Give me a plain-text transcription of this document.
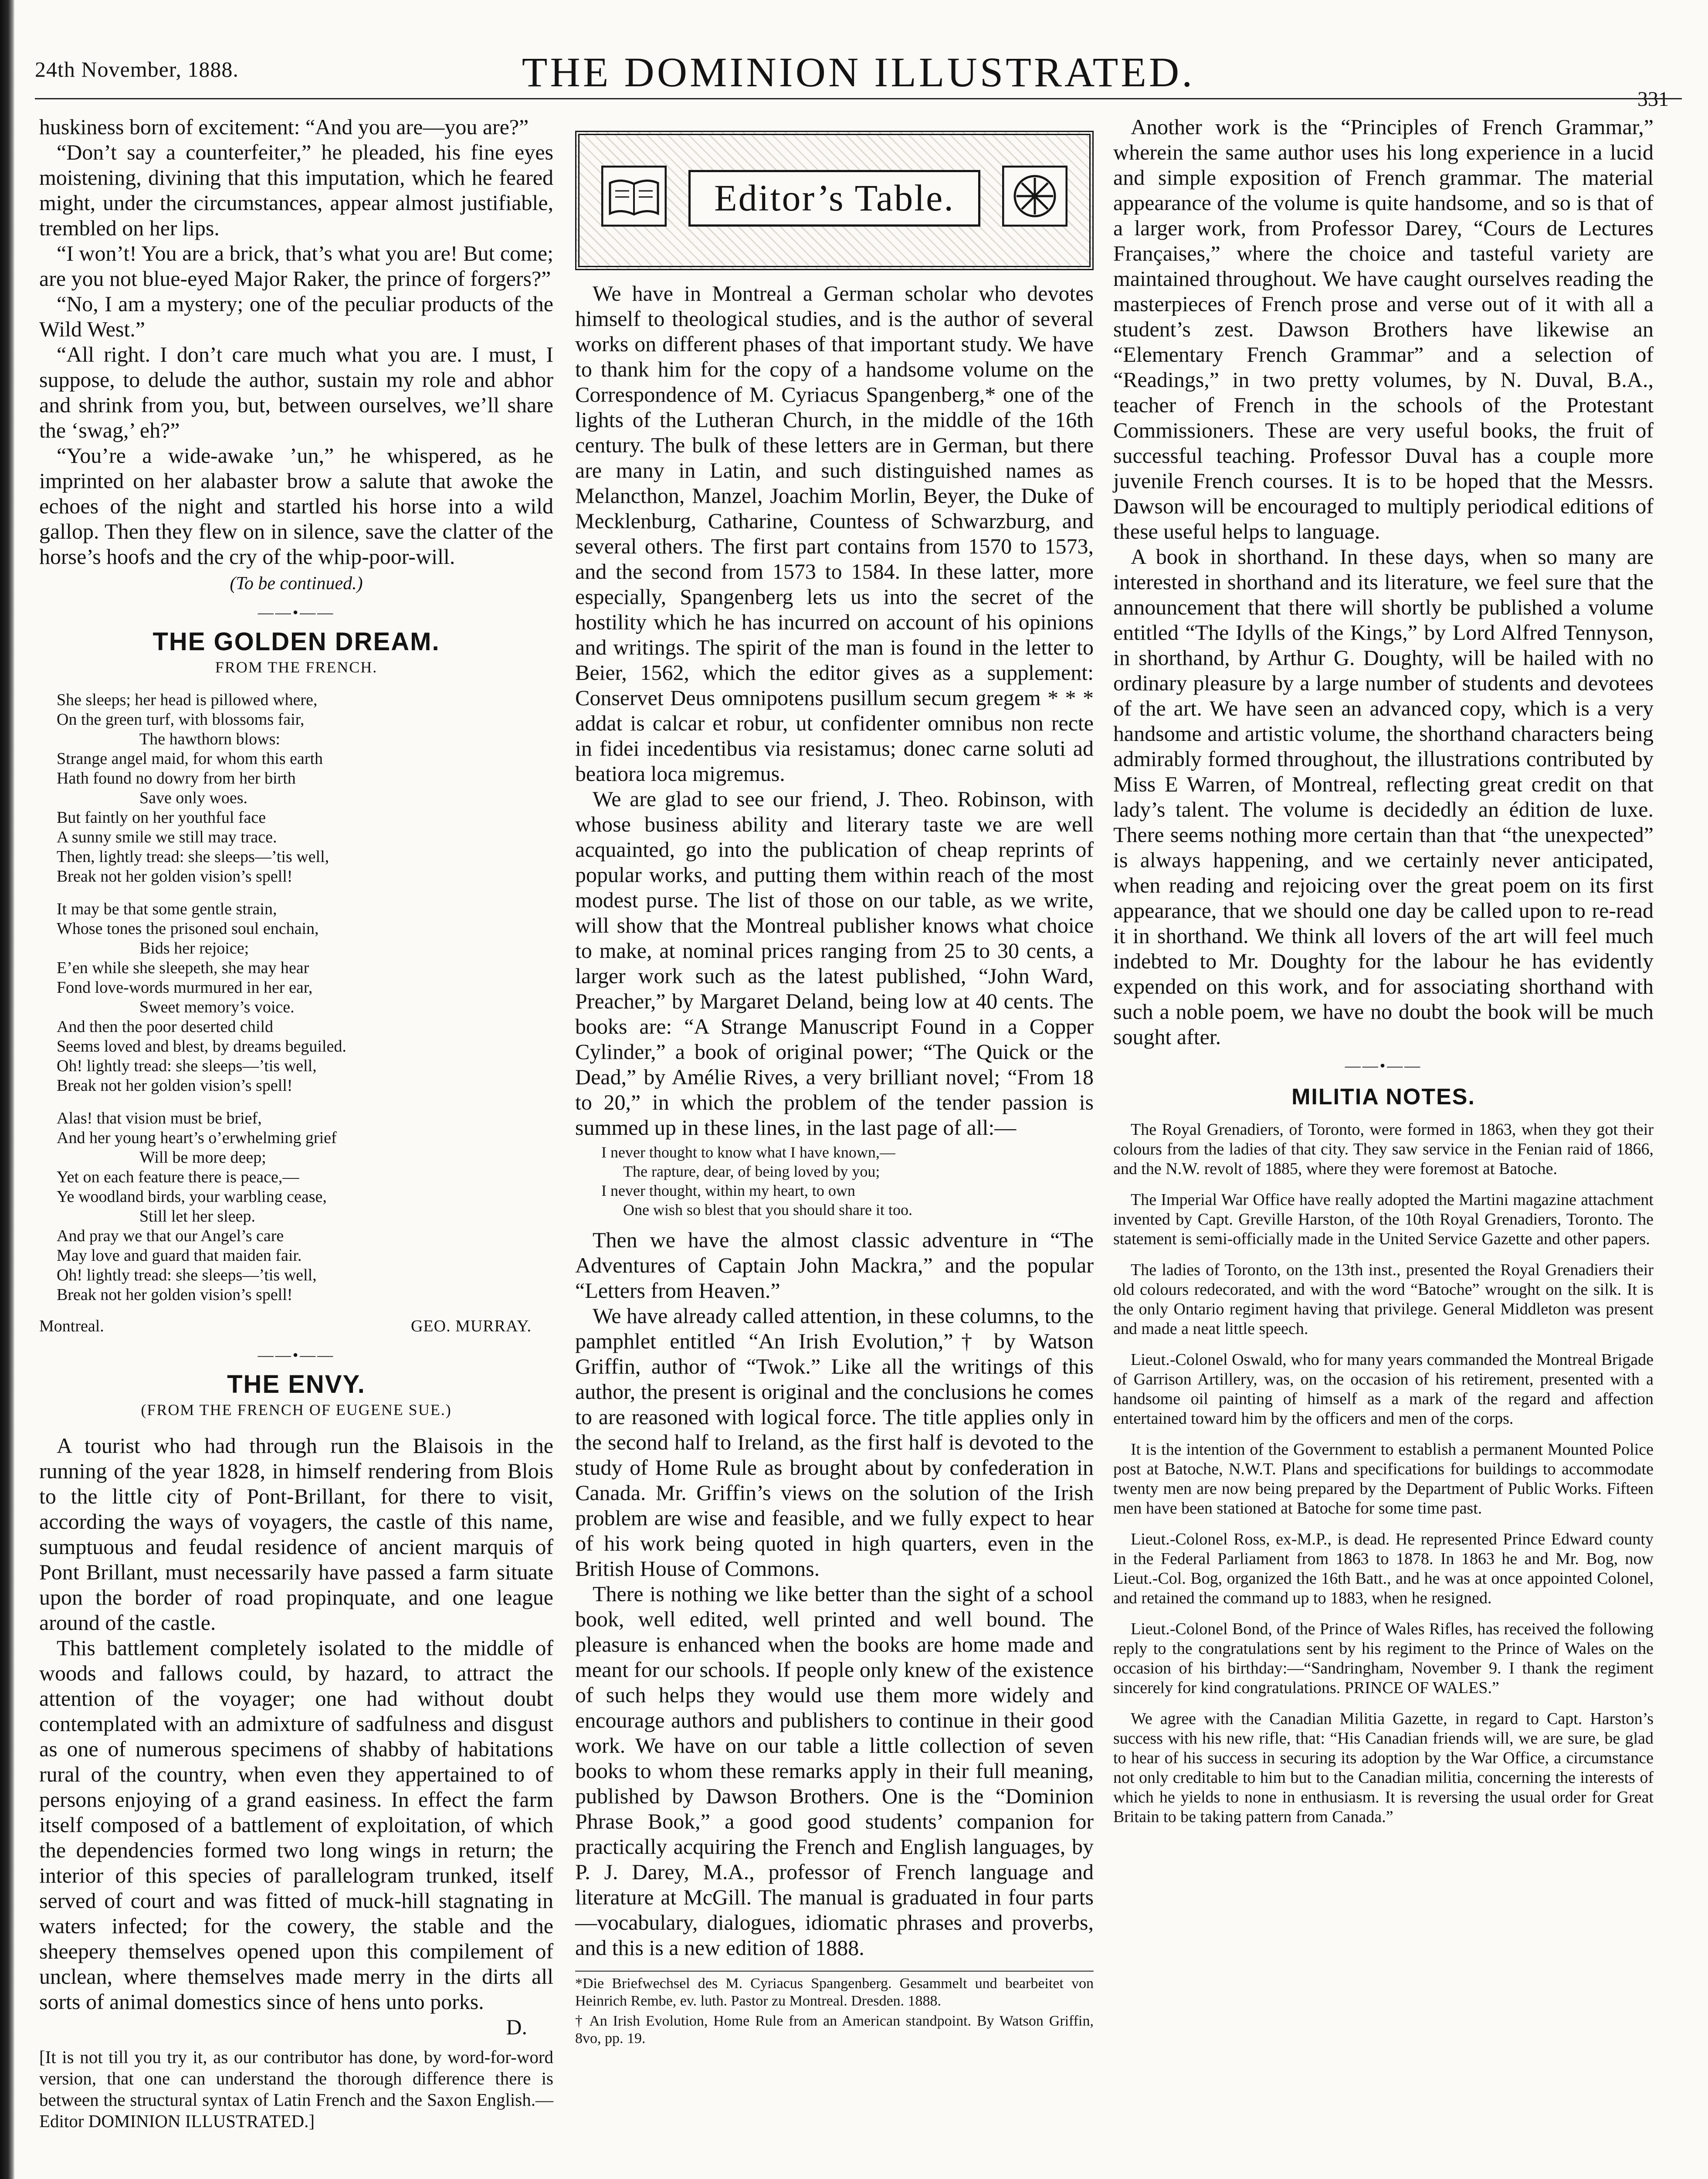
24th November, 1888.	THE DOMINION ILLUSTRATED.
331

huskiness born of excitement: “And you are—you are?”

“Don’t say a counterfeiter,” he pleaded, his fine eyes moistening, divining that this imputation, which he feared might, under the circumstances, appear almost justifiable, trembled on her lips.

“I won’t! You are a brick, that’s what you are! But come; are you not blue-eyed Major Raker, the prince of forgers?”

“No, I am a mystery; one of the peculiar products of the Wild West.”

“All right. I don’t care much what you are. I must, I suppose, to delude the author, sustain my role and abhor and shrink from you, but, between ourselves, we’ll share the ‘swag,’ eh?”

“You’re a wide-awake ’un,” he whispered, as he imprinted on her alabaster brow a salute that awoke the echoes of the night and startled his horse into a wild gallop. Then they flew on in silence, save the clatter of the horse’s hoofs and the cry of the whip-poor-will.

(To be continued.)
——•——
THE GOLDEN DREAM.
FROM THE FRENCH.
She sleeps; her head is pillowed where,
On the green turf, with blossoms fair,
The hawthorn blows:
Strange angel maid, for whom this earth
Hath found no dowry from her birth
Save only woes.
But faintly on her youthful face
A sunny smile we still may trace.
Then, lightly tread: she sleeps—’tis well,
Break not her golden vision’s spell!
It may be that some gentle strain,
Whose tones the prisoned soul enchain,
Bids her rejoice;
E’en while she sleepeth, she may hear
Fond love-words murmured in her ear,
Sweet memory’s voice.
And then the poor deserted child
Seems loved and blest, by dreams beguiled.
Oh! lightly tread: she sleeps—’tis well,
Break not her golden vision’s spell!
Alas! that vision must be brief,
And her young heart’s o’erwhelming grief
Will be more deep;
Yet on each feature there is peace,—
Ye woodland birds, your warbling cease,
Still let her sleep.
And pray we that our Angel’s care
May love and guard that maiden fair.
Oh! lightly tread: she sleeps—’tis well,
Break not her golden vision’s spell!
Montreal.	GEO. MURRAY.
——•——
THE ENVY.
(FROM THE FRENCH OF EUGENE SUE.)

A tourist who had through run the Blaisois in the running of the year 1828, in himself rendering from Blois to the little city of Pont-Brillant, for there to visit, according the ways of voyagers, the castle of this name, sumptuous and feudal residence of ancient marquis of Pont Brillant, must necessarily have passed a farm situate upon the border of road propinquate, and one league around of the castle.

This battlement completely isolated to the middle of woods and fallows could, by hazard, to attract the attention of the voyager; one had without doubt contemplated with an admixture of sadfulness and disgust as one of numerous specimens of shabby of habitations rural of the country, when even they appertained to of persons enjoying of a grand easiness. In effect the farm itself composed of a battlement of exploitation, of which the dependencies formed two long wings in return; the interior of this species of parallelogram trunked, itself served of court and was fitted of muck-hill stagnating in waters infected; for the cowery, the stable and the sheepery themselves opened upon this compilement of unclean, where themselves made merry in the dirts all sorts of animal domestics since of hens unto porks.

D.
[It is not till you try it, as our contributor has done, by word-for-word version, that one can understand the thorough difference there is between the structural syntax of Latin French and the Saxon English.—Editor DOMINION ILLUSTRATED.]
Editor’s Table.

We have in Montreal a German scholar who devotes himself to theological studies, and is the author of several works on different phases of that important study. We have to thank him for the copy of a handsome volume on the Correspondence of M. Cyriacus Spangenberg,* one of the lights of the Lutheran Church, in the middle of the 16th century. The bulk of these letters are in German, but there are many in Latin, and such distinguished names as Melancthon, Manzel, Joachim Morlin, Beyer, the Duke of Mecklenburg, Catharine, Countess of Schwarzburg, and several others. The first part contains from 1570 to 1573, and the second from 1573 to 1584. In these latter, more especially, Spangenberg lets us into the secret of the hostility which he has incurred on account of his opinions and writings. The spirit of the man is found in the letter to Beier, 1562, which the editor gives as a supplement: Conservet Deus omnipotens pusillum secum gregem * * * addat is calcar et robur, ut confidenter omnibus non recte in fidei incedentibus via resistamus; donec carne soluti ad beatiora loca migremus.

We are glad to see our friend, J. Theo. Robinson, with whose business ability and literary taste we are well acquainted, go into the publication of cheap reprints of popular works, and putting them within reach of the most modest purse. The list of those on our table, as we write, will show that the Montreal publisher knows what choice to make, at nominal prices ranging from 25 to 30 cents, a larger work such as the latest published, “John Ward, Preacher,” by Margaret Deland, being low at 40 cents. The books are: “A Strange Manuscript Found in a Copper Cylinder,” a book of original power; “The Quick or the Dead,” by Amélie Rives, a very brilliant novel; “From 18 to 20,” in which the problem of the tender passion is summed up in these lines, in the last page of all:—

I never thought to know what I have known,—
The rapture, dear, of being loved by you;
I never thought, within my heart, to own
One wish so blest that you should share it too.

Then we have the almost classic adventure in “The Adventures of Captain John Mackra,” and the popular “Letters from Heaven.”

We have already called attention, in these columns, to the pamphlet entitled “An Irish Evolution,”† by Watson Griffin, author of “Twok.” Like all the writings of this author, the present is original and the conclusions he comes to are reasoned with logical force. The title applies only in the second half to Ireland, as the first half is devoted to the study of Home Rule as brought about by confederation in Canada. Mr. Griffin’s views on the solution of the Irish problem are wise and feasible, and we fully expect to hear of his work being quoted in high quarters, even in the British House of Commons.

There is nothing we like better than the sight of a school book, well edited, well printed and well bound. The pleasure is enhanced when the books are home made and meant for our schools. If people only knew of the existence of such helps they would use them more widely and encourage authors and publishers to continue in their good work. We have on our table a little collection of seven books to whom these remarks apply in their full meaning, published by Dawson Brothers. One is the “Dominion Phrase Book,” a good good students’ companion for practically acquiring the French and English languages, by P. J. Darey, M.A., professor of French language and literature at McGill. The manual is graduated in four parts—vocabulary, dialogues, idiomatic phrases and proverbs, and this is a new edition of 1888.

*Die Briefwechsel des M. Cyriacus Spangenberg. Gesammelt und bearbeitet von Heinrich Rembe, ev. luth. Pastor zu Montreal. Dresden. 1888.

† An Irish Evolution, Home Rule from an American standpoint. By Watson Griffin, 8vo, pp. 19.

Another work is the “Principles of French Grammar,” wherein the same author uses his long experience in a lucid and simple exposition of French grammar. The material appearance of the volume is quite handsome, and so is that of a larger work, from Professor Darey, “Cours de Lectures Françaises,” where the choice and tasteful variety are maintained throughout. We have caught ourselves reading the masterpieces of French prose and verse out of it with all a student’s zest. Dawson Brothers have likewise an “Elementary French Grammar” and a selection of “Readings,” in two pretty volumes, by N. Duval, B.A., teacher of French in the schools of the Protestant Commissioners. These are very useful books, the fruit of successful teaching. Professor Duval has a couple more juvenile French courses. It is to be hoped that the Messrs. Dawson will be encouraged to multiply periodical editions of these useful helps to language.

A book in shorthand. In these days, when so many are interested in shorthand and its literature, we feel sure that the announcement that there will shortly be published a volume entitled “The Idylls of the Kings,” by Lord Alfred Tennyson, in shorthand, by Arthur G. Doughty, will be hailed with no ordinary pleasure by a large number of students and devotees of the art. We have seen an advanced copy, which is a very handsome and artistic volume, the shorthand characters being admirably formed throughout, the illustrations contributed by Miss E Warren, of Montreal, reflecting great credit on that lady’s talent. The volume is decidedly an édition de luxe. There seems nothing more certain than that “the unexpected” is always happening, and we certainly never anticipated, when reading and rejoicing over the great poem on its first appearance, that we should one day be called upon to re-read it in shorthand. We think all lovers of the art will feel much indebted to Mr. Doughty for the labour he has evidently expended on this work, and for associating shorthand with such a noble poem, we have no doubt the book will be much sought after.

——•——
MILITIA NOTES.

The Royal Grenadiers, of Toronto, were formed in 1863, when they got their colours from the ladies of that city. They saw service in the Fenian raid of 1866, and the N.W. revolt of 1885, where they were foremost at Batoche.

The Imperial War Office have really adopted the Martini magazine attachment invented by Capt. Greville Harston, of the 10th Royal Grenadiers, Toronto. The statement is semi-officially made in the United Service Gazette and other papers.

The ladies of Toronto, on the 13th inst., presented the Royal Grenadiers their old colours redecorated, and with the word “Batoche” wrought on the silk. It is the only Ontario regiment having that privilege. General Middleton was present and made a neat little speech.

Lieut.-Colonel Oswald, who for many years commanded the Montreal Brigade of Garrison Artillery, was, on the occasion of his retirement, presented with a handsome oil painting of himself as a mark of the regard and affection entertained toward him by the officers and men of the corps.

It is the intention of the Government to establish a permanent Mounted Police post at Batoche, N.W.T. Plans and specifications for buildings to accommodate twenty men are now being prepared by the Department of Public Works. Fifteen men have been stationed at Batoche for some time past.

Lieut.-Colonel Ross, ex-M.P., is dead. He represented Prince Edward county in the Federal Parliament from 1863 to 1878. In 1863 he and Mr. Bog, now Lieut.-Col. Bog, organized the 16th Batt., and he was at once appointed Colonel, and retained the command up to 1883, when he resigned.

Lieut.-Colonel Bond, of the Prince of Wales Rifles, has received the following reply to the congratulations sent by his regiment to the Prince of Wales on the occasion of his birthday:—“Sandringham, November 9. I thank the regiment sincerely for kind congratulations. PRINCE OF WALES.”

We agree with the Canadian Militia Gazette, in regard to Capt. Harston’s success with his new rifle, that: “His Canadian friends will, we are sure, be glad to hear of his success in securing its adoption by the War Office, a circumstance not only creditable to him but to the Canadian militia, concerning the interests of which he yields to none in enthusiasm. It is reversing the usual order for Great Britain to be taking pattern from Canada.”
